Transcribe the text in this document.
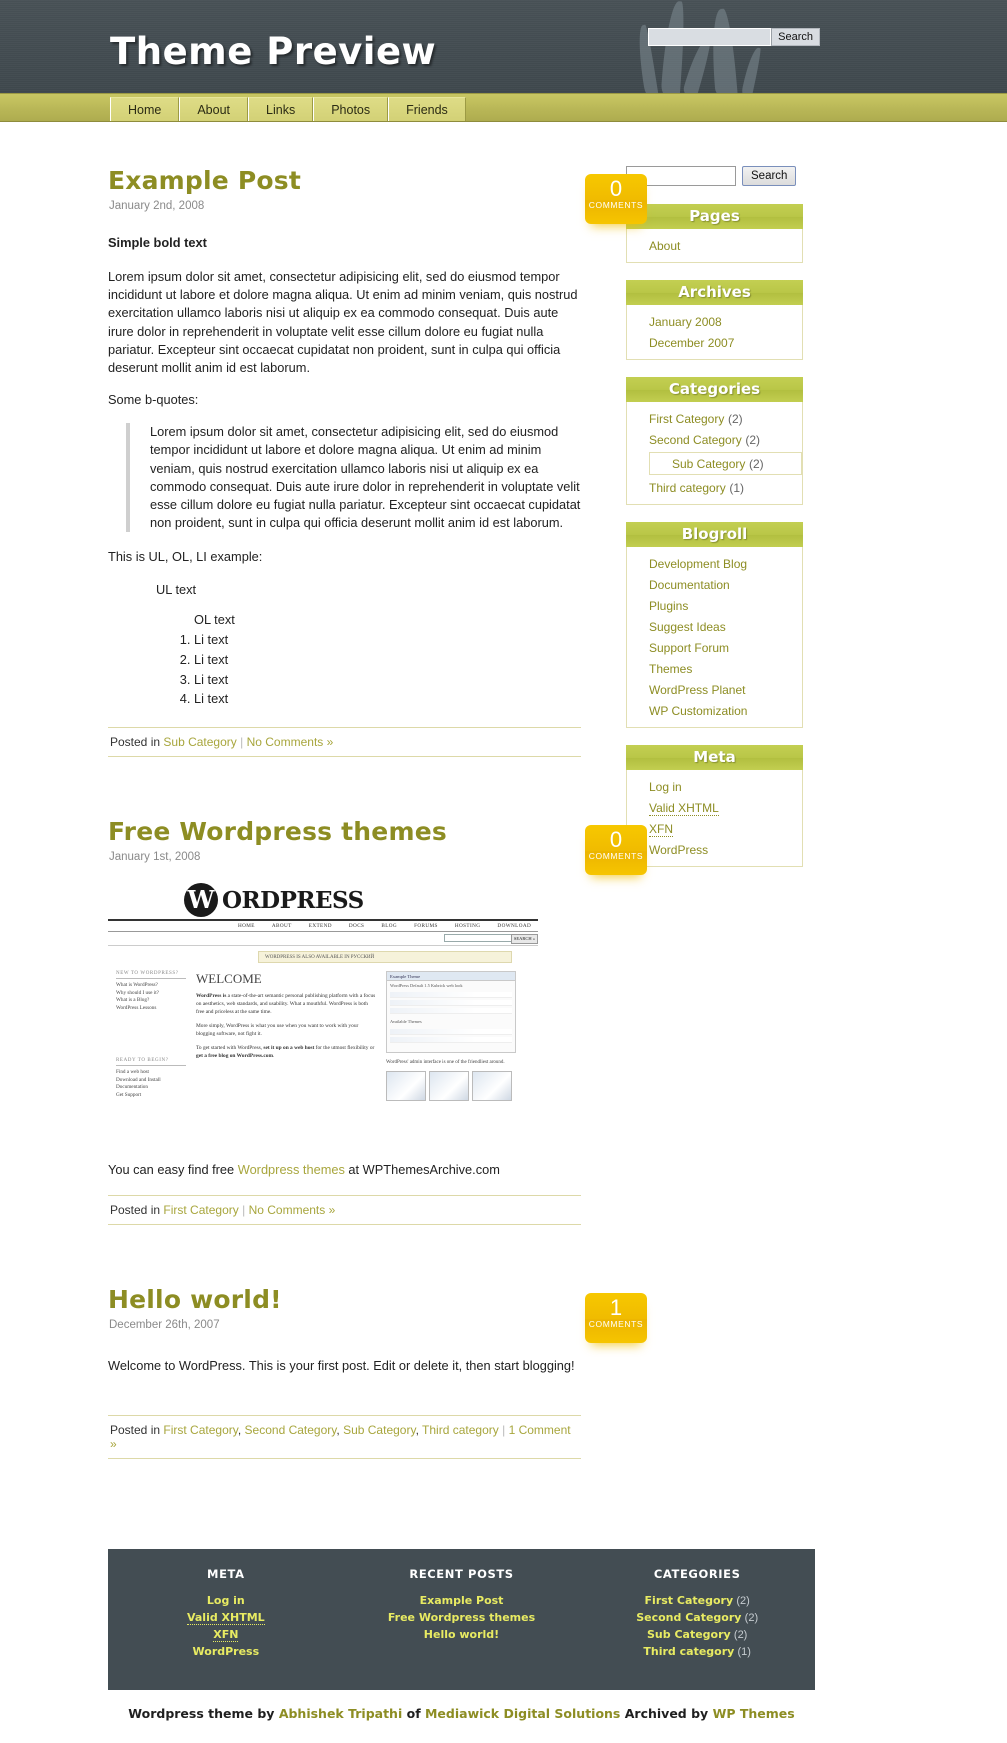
Theme Preview	Search
Home	About	Links	Photos	Friends
Example Post
January 2nd, 2008
0
COMMENTS

Simple bold text

Lorem ipsum dolor sit amet, consectetur adipisicing elit, sed do eiusmod tempor incididunt ut labore et dolore magna aliqua. Ut enim ad minim veniam, quis nostrud exercitation ullamco laboris nisi ut aliquip ex ea commodo consequat. Duis aute irure dolor in reprehenderit in voluptate velit esse cillum dolore eu fugiat nulla pariatur. Excepteur sint occaecat cupidatat non proident, sunt in culpa qui officia deserunt mollit anim id est laborum.

Some b-quotes:

Lorem ipsum dolor sit amet, consectetur adipisicing elit, sed do eiusmod tempor incididunt ut labore et dolore magna aliqua. Ut enim ad minim veniam, quis nostrud exercitation ullamco laboris nisi ut aliquip ex ea commodo consequat. Duis aute irure dolor in reprehenderit in voluptate velit esse cillum dolore eu fugiat nulla pariatur. Excepteur sint occaecat cupidatat non proident, sunt in culpa qui officia deserunt mollit anim id est laborum.

This is UL, OL, LI example:

UL text
OL text
1. Li text
2. Li text
3. Li text
4. Li text
Posted in Sub Category | No Comments »
Free Wordpress themes
January 1st, 2008
0
COMMENTS
W ORDPRESS
HOME	ABOUT	EXTEND	DOCS	BLOG	FORUMS	HOSTING	DOWNLOAD
SEARCH »
WORDPRESS IS ALSO AVAILABLE IN РУССКИЙ
NEW TO WORDPRESS?
What is WordPress?
Why should I use it?
What is a Blog?
WordPress Lessons
READY TO BEGIN?
Find a web host
Download and Install
Documentation
Get Support
WELCOME
WordPress is a state-of-the-art semantic personal publishing platform with a focus on aesthetics, web standards, and usability. What a mouthful. WordPress is both free and priceless at the same time.
More simply, WordPress is what you use when you want to work with your blogging software, not fight it.
To get started with WordPress, set it up on a web host for the utmost flexibility or get a free blog on WordPress.com.
Example Theme
WordPress Default 1.5 Kubrick web look
Available Themes
WordPress' admin interface is one of the friendliest around.

You can easy find free Wordpress themes at WPThemesArchive.com

Posted in First Category | No Comments »
Hello world!
December 26th, 2007
1
COMMENTS

Welcome to WordPress. This is your first post. Edit or delete it, then start blogging!

Posted in First Category, Second Category, Sub Category, Third category | 1 Comment »
Search
Pages
About
Archives
January 2008
December 2007
Categories
First Category (2)
Second Category (2)
Sub Category (2)
Third category (1)
Blogroll
Development Blog
Documentation
Plugins
Suggest Ideas
Support Forum
Themes
WordPress Planet
WP Customization
Meta
Log in
Valid XHTML
XFN
WordPress
META
Log in
Valid XHTML
XFN
WordPress
RECENT POSTS
Example Post
Free Wordpress themes
Hello world!
CATEGORIES
First Category (2)
Second Category (2)
Sub Category (2)
Third category (1)
Wordpress theme by Abhishek Tripathi of Mediawick Digital Solutions Archived by WP Themes
